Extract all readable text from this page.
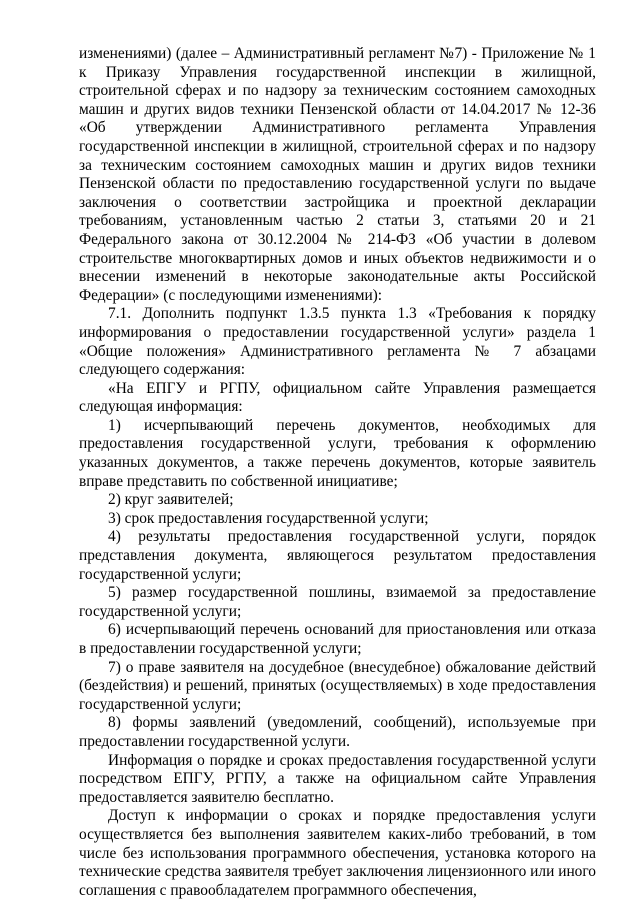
изменениями) (далее – Административный регламент №7) - Приложение № 1 к Приказу Управления государственной инспекции в жилищной, строительной сферах и по надзору за техническим состоянием самоходных машин и других видов техники Пензенской области от 14.04.2017 № 12-36 «Об утверждении Административного регламента Управления государственной инспекции в жилищной, строительной сферах и по надзору за техническим состоянием самоходных машин и других видов техники Пензенской области по предоставлению государственной услуги по выдаче заключения о соответствии застройщика и проектной декларации требованиям, установленным частью 2 статьи 3, статьями 20 и 21 Федерального закона от 30.12.2004 № 214-ФЗ «Об участии в долевом строительстве многоквартирных домов и иных объектов недвижимости и о внесении изменений в некоторые законодательные акты Российской Федерации» (с последующими изменениями):

7.1. Дополнить подпункт 1.3.5 пункта 1.3 «Требования к порядку информирования о предоставлении государственной услуги» раздела 1 «Общие положения» Административного регламента № 7 абзацами следующего содержания:

«На ЕПГУ и РГПУ, официальном сайте Управления размещается следующая информация:

1) исчерпывающий перечень документов, необходимых для предоставления государственной услуги, требования к оформлению указанных документов, а также перечень документов, которые заявитель вправе представить по собственной инициативе;

2) круг заявителей;

3) срок предоставления государственной услуги;

4) результаты предоставления государственной услуги, порядок представления документа, являющегося результатом предоставления государственной услуги;

5) размер государственной пошлины, взимаемой за предоставление государственной услуги;

6) исчерпывающий перечень оснований для приостановления или отказа в предоставлении государственной услуги;

7) о праве заявителя на досудебное (внесудебное) обжалование действий (бездействия) и решений, принятых (осуществляемых) в ходе предоставления государственной услуги;

8) формы заявлений (уведомлений, сообщений), используемые при предоставлении государственной услуги.

Информация о порядке и сроках предоставления государственной услуги посредством ЕПГУ, РГПУ, а также на официальном сайте Управления предоставляется заявителю бесплатно.

Доступ к информации о сроках и порядке предоставления услуги осуществляется без выполнения заявителем каких-либо требований, в том числе без использования программного обеспечения, установка которого на технические средства заявителя требует заключения лицензионного или иного соглашения с правообладателем программного обеспечения,
